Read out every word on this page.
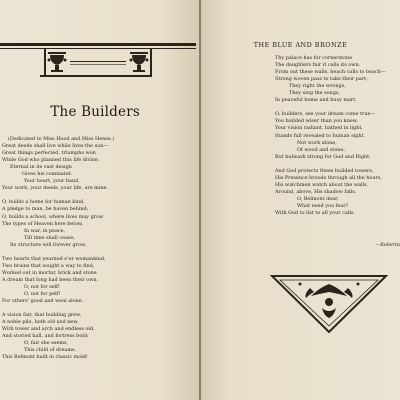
The Builders
(Dedicated to Miss Hood and Miss Hense.)
Great deeds shall live while lives the sun—
Great things perfected, triumphs won
While God who planned this life divine,
Eternal in its vast design
Gives his command:
Your heart, your hand,
Your work, your deeds, your life, are mine.
O, builds a home for human kind,
A pledge to man, be haven behind;
O, builds a school, where lives may grow
The types of Heaven here below,
In war, in peace,
Till time shall cease,
Its structure will forever grow.
Two hearts that yearned o'er womankind,
Two brains that sought a way to find,
Worked out in mortar, brick and stone
A dream that long had been their own.
O, not for self!
O, not for pelf!
For others' good and weal alone.
A vision fair, that building grew,
A noble pile, both old and new,
With tower and arch and endless old,
And storied hall, and fortress bold;
O, fair she seems,
This child of dreams,
This Belmont built in classic mold!
THE BLUE AND BRONZE
Thy palace has for cornerstone
The daughters fair it calls its own.
From out these walls, beach calls to beach—
Strong woven pass to take their part;
They right the wrongs,
They sing the songs,
In peaceful home and busy mart.
O, builders, see your dream come true—
You builded wiser than you knew.
Your vision radiant, bathed in light,
Stands full revealed to human sight.
Not work alone,
Of wood and stone,
But bulwark strong for God and Right.
And God protects these builded towers,
His Presence broods through all the hours,
His watchmen watch about the walls,
Around, above, His shadow falls.
O, Belmont dear,
What need you fear?
With God to list to all your calls.
—Roberta
